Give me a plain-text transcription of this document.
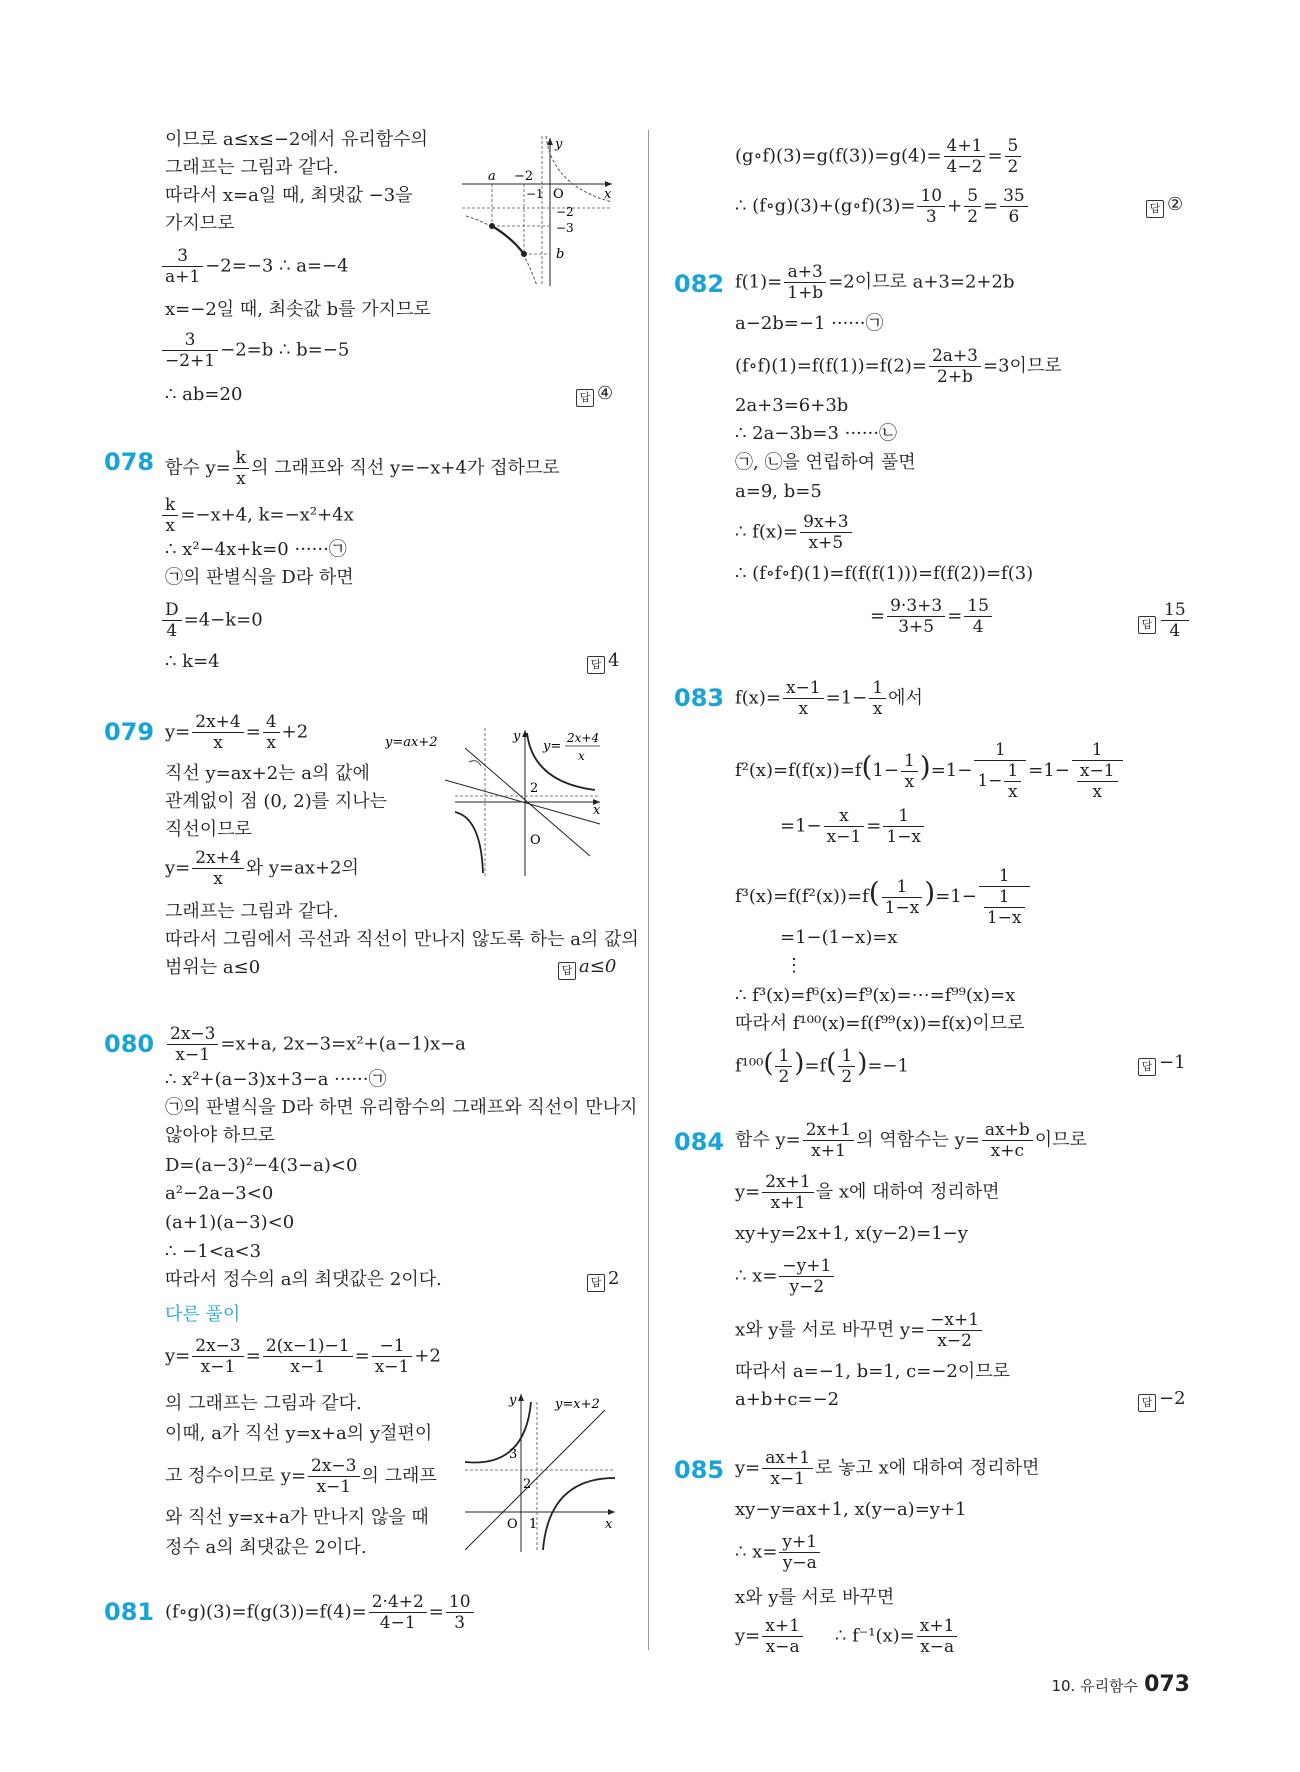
이므로 a≤x≤−2에서 유리함수의
그래프는 그림과 같다.
따라서 x=a일 때, 최댓값 −3을
가지므로
$\frac{3}{a+1} -2=-3$ ∴ a=−4
x=−2일 때, 최솟값 b를 가지므로
$\frac{3}{-2+1} -2=b$ ∴ b=−5
∴ ab=20	답 ④
a −2
y
−1 O	x
−2
−3
b
078 함수 $y= \frac{k}{x}$ 의 그래프와 직선 y=−x+4가 접하므로
$\frac{k}{x} =-x+4$, k=−x²+4x
∴ x²−4x+k=0 ······㉠
㉠의 판별식을 D라 하면
$\frac{D}{4} =4-k=0$
∴ k=4	답 4
079 $y= \frac{2x+4}{x} = \frac{4}{x} +2$
직선 y=ax+2는 a의 값에
관계없이 점 (0, 2)를 지나는
직선이므로
$y= \frac{2x+4}{x}$ 와 y=ax+2의
그래프는 그림과 같다.
따라서 그림에서 곡선과 직선이 만나지 않도록 하는 a의 값의
범위는 a≤0	답 a≤0
y=ax+2	y
y=
2x+4
x
2
x
O
$080 \frac{2x-3}{x-1} =x+a$, 2x−3=x²+(a−1)x−a
∴ x²+(a−3)x+3−a ······㉠
㉠의 판별식을 D라 하면 유리함수의 그래프와 직선이 만나지
않아야 하므로
D=(a−3)²−4(3−a)<0
a²−2a−3<0
(a+1)(a−3)<0
∴ −1<a<3
따라서 정수의 a의 최댓값은 2이다.	답 2
다른 풀이
$y= \frac{2x-3}{x-1} = \frac{2(x-1)-1}{x-1} = \frac{-1}{x-1} +2$
의 그래프는 그림과 같다.
이때, a가 직선 y=x+a의 y절편이
고 정수이므로 $y= \frac{2x-3}{x-1}$ 의 그래프
와 직선 y=x+a가 만나지 않을 때
정수 a의 최댓값은 2이다.
y	y=x+2
3
2
O 1	x
081 (f∘g)(3)=f(g(3))=f(4)= $\frac{2\cdot 4+2}{4-1} = \frac{10}{3}$
(g∘f)(3)=g(f(3))=g(4)= $\frac{4+1}{4-2} = \frac{5}{2}$
∴ (f∘g)(3)+(g∘f)(3)= $\frac{10}{3} + \frac{5}{2} = \frac{35}{6}$	답 ②
082 $f(1)= \frac{a+3}{1+b} =2$이므로 a+3=2+2b
a−2b=−1 ······㉠
(f∘f)(1)=f(f(1))=f(2)= $\frac{2a+3}{2+b} =3$이므로
2a+3=6+3b
∴ 2a−3b=3 ······㉡
㉠, ㉡을 연립하여 풀면
a=9, b=5
∴ $f(x)= \frac{9x+3}{x+5}$
∴ (f∘f∘f)(1)=f(f(f(1)))=f(f(2))=f(3)
= $\frac{9\cdot 3+3}{3+5} = \frac{15}{4}$	답 $\frac{15}{4}$
083 $f(x)= \frac{x-1}{x} =1- \frac{1}{x}$ 에서
$f^2(x)=f(f(x))=f(1- \frac{1}{x} )=1- \frac{1}{1- \frac{1}{x}} =1- \frac{1}{\frac{x-1}{x}}$
$=1- \frac{x}{x-1} = \frac{1}{1-x}$
$f^3(x)=f(f^2(x))=f( \frac{1}{1-x} )=1- \frac{1}{\frac{1}{1-x}}$
=1−(1−x)=x
⋮
∴ f³(x)=f⁶(x)=f⁹(x)=⋯=f⁹⁹(x)=x
따라서 f¹⁰⁰(x)=f(f⁹⁹(x))=f(x)이므로
$f^{100}( \frac{1}{2} )=f( \frac{1}{2} )=-1$	답 −1
084 함수 $y= \frac{2x+1}{x+1}$ 의 역함수는 $y= \frac{ax+b}{x+c}$ 이므로
$y= \frac{2x+1}{x+1}$ 을 x에 대하여 정리하면
xy+y=2x+1, x(y−2)=1−y
∴ $x= \frac{-y+1}{y-2}$
x와 y를 서로 바꾸면 $y= \frac{-x+1}{x-2}$
따라서 a=−1, b=1, c=−2이므로
a+b+c=−2	답 −2
085 $y= \frac{ax+1}{x-1}$ 로 놓고 x에 대하여 정리하면
xy−y=ax+1, x(y−a)=y+1
∴ $x= \frac{y+1}{y-a}$
x와 y를 서로 바꾸면
$y= \frac{x+1}{x-a}$ ∴ $f^{-1}(x)= \frac{x+1}{x-a}$
10. 유리함수 073
